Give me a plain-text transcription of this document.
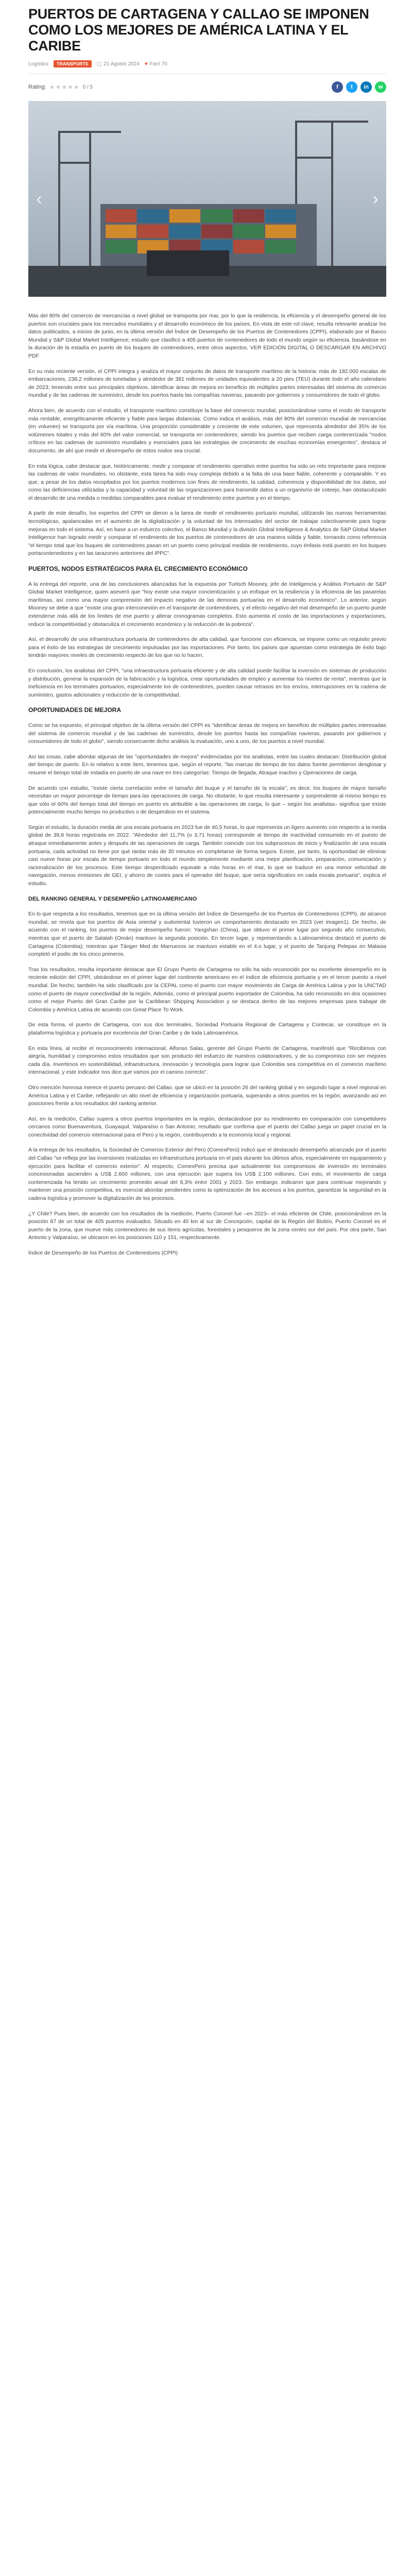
PUERTOS DE CARTAGENA Y CALLAO SE IMPONEN COMO LOS MEJORES DE AMÉRICA LATINA Y EL CARIBE
Logistics	TRANSPORTE	▢ 21 Agosto 2024 ♥ Fan! 70
Rating: ★★★★★ 0 / 5	f	t	in	w
‹	›

Más del 80% del comercio de mercancías a nivel global se transporta por mar, por lo que la resiliencia, la eficiencia y el desempeño general de los puertos son cruciales para los mercados mundiales y el desarrollo económico de los países. En vista de este rol clave, resulta relevante analizar los datos publicados, a inicios de junio, en la última versión del Índice de Desempeño de los Puertos de Contenedores (CPPI), elaborado por el Banco Mundial y S&P Global Market Intelligence; estudio que clasificó a 405 puertos de contenedores de todo el mundo según su eficiencia, basándose en la duración de la estadía en puerto de los buques de contenedores, entre otros aspectos. VER EDICIÓN DIGITAL O DESCARGAR EN ARCHIVO PDF

En su más reciente versión, el CPPI integra y analiza el mayor conjunto de datos de transporte marítimo de la historia: más de 182.000 escalas de embarcaciones, 238,2 millones de toneladas y alrededor de 381 millones de unidades equivalentes a 20 pies (TEU) durante todo el año calendario de 2023; teniendo entre sus principales objetivos, identificar áreas de mejora en beneficio de múltiples partes interesadas del sistema de comercio mundial y de las cadenas de suministro, desde los puertos hasta las compañías navieras, pasando por gobiernos y consumidores de todo el globo.

Ahora bien, de acuerdo con el estudio, el transporte marítimo constituye la base del comercio mundial, posicionándose como el modo de transporte más rentable, energéticamente eficiente y fiable para largas distancias. Como indica el análisis, más del 80% del comercio mundial de mercancías (en volumen) se transporta por vía marítima. Una proporción considerable y creciente de este volumen, que representa alrededor del 35% de los volúmenes totales y más del 60% del valor comercial, se transporta en contenedores; siendo los puertos que reciben carga contenerizada "nodos críticos en las cadenas de suministro mundiales y esenciales para las estrategias de crecimiento de muchas economías emergentes", destaca el documento, de ahí que medir el desempeño de estos nodos sea crucial.

En esta lógica, cabe destacar que, históricamente, medir y comparar el rendimiento operativo entre puertos ha sido un reto importante para mejorar las cadenas de valor mundiales, no obstante, esta tarea ha sido muy compleja debido a la falta de una base fiable, coherente y comparable. Y es que, a pesar de los datos recopilados por los puertos modernos con fines de rendimiento, la calidad, coherencia y disponibilidad de los datos, así como las deficiencias utilizadas y la capacidad y voluntad de las organizaciones para transmitir datos a un organismo de coteejo, han obstaculizado el desarrollo de una medida o medidas comparables para evaluar el rendimiento entre puertos y en el tiempo.

A partir de este desafío, los expertos del CPPI se dieron a la tarea de medir el rendimiento portuario mundial, utilizando las nuevas herramientas tecnológicas, apalancadas en el aumento de la digitalización y la voluntad de los interesados del sector de trabajar colectivamente para lograr mejoras en todo el sistema. Así, en base a un esfuerzo colectivo, el Banco Mundial y la división Global Intelligence & Analytics de S&P Global Market Intelligence han logrado medir y comparar el rendimiento de los puertos de contenedores de una manera sólida y fiable, tornando como referencia "el tiempo total que los buques de contenedores pasan en un puerto como principal medida de rendimiento, cuyo énfasis está puesto en los buques portacontenedores y en las tarazones anteriores del IPPC".

PUERTOS, NODOS ESTRATÉGICOS PARA EL CRECIMIENTO ECONÓMICO

A la entrega del reporte, una de las conclusiones alianzadas fue la expuesta por Turloch Mooney, jefe de Inteligencia y Análisis Portuario de S&P Global Market Intelligence, quien aseveró que "hoy existe una mayor concientización y un enfoque en la resiliencia y la eficiencia de las pasarelas marítimas, así como una mayor comprensión del impacto negativo de las demoras portuarias en el desarrollo económico". Lo anterior, según Mooney se debe a que "existe una gran interconexión en el transporte de contenedores, y el efecto negativo del mal desempeño de un puerto puede extenderse más allá de los límites de ese puerto y alterar cronogramas completos. Esto aumenta el costo de las importaciones y exportaciones, reduce la competitividad y obstaculiza el crecimiento económico y la reducción de la pobreza".

Así, el desarrollo de una infraestructura portuaria de contenedores de alta calidad, que funcione con eficiencia, se impone como un requisito previo para el éxito de las estrategias de crecimiento impulsadas por las exportaciones. Por tanto, los países que apuestan como estrategia de éxito bajo tendrán mayores niveles de crecimiento respecto de los que no lo hacen.

En conclusión, los analistas del CPPI, "una infraestructura portuaria eficiente y de alta calidad puede facilitar la inversión en sistemas de producción y distribución, generar la expansión de la fabricación y la logística, crear oportunidades de empleo y aumentar los niveles de renta", mientras que la ineficiencia en los terminales portuarios, especialmente los de contenedores, pueden causar retrasos en los envíos, interrupciones en la cadena de suministro, gastos adicionales y reducción de la competitividad.

OPORTUNIDADES DE MEJORA

Como se ha expuesto, el principal objetivo de la última versión del CPPI es "identificar áreas de mejora en beneficio de múltiples partes interesadas del sistema de comercio mundial y de las cadenas de suministro, desde los puertos hasta las compañías navieras, pasando por gobiernos y consumidores de todo el globo", siendo consecuente dicho análisis la evaluación, uno a uno, de los puertos a nivel mundial.

Así las cosas, cabe abordar algunas de las "oportunidades de mejora" evidenciadas por los analistas, entre las cuales destacan: Distribución global del tiempo de puerto. En lo relativo a este ítem, tenemos que, según el reporte, "las marcas de tiempo de los datos fuente permitieron desglosar y resumir el tiempo total de estadía en puerto de una nave en tres categorías: Tiempo de llegada, Atraque inactivo y Operaciones de carga.

De acuerdo con estudio, "existe cierta correlación entre el tamaño del buque y el tamaño de la escala"; es decir, los buques de mayor tamaño necesitan un mayor porcentaje de tiempo para las operaciones de carga. No obstante, lo que resulta interesante y sorprendente al mismo tiempo es que sólo el 60% del tiempo total del tiempo en puerto es atribuible a las operaciones de carga, lo que – según los analistas– significa que existe potencialmente mucho tiempo no productivo o de desperdicio en el sistema.

Según el estudio, la duración media de una escala portuaria en 2023 fue de 40,5 horas, lo que representa un ligero aumento con respecto a la media global de 39,8 horas registrada en 2022. "Alrededor del 11,7% (o 3,71 horas) corresponde al tiempo de inactividad consumido en el puesto de atraque inmediatamente antes y después de las operaciones de carga. También coincide con los subprocesos de inicio y finalización de una escala portuaria, cada actividad no tiene por qué tardar más de 30 minutos en completarse de forma segura. Existe, por tanto, la oportunidad de eliminar casi nueve horas por escala de tiempo portuario en todo el mundo simplemente mediante una mejor planificación, preparación, comunicación y racionalización de los procesos. Este tiempo desperdiciado equivale a más horas en el mar, lo que se traduce en una menor velocidad de navegación, menos emisiones de GEI, y ahorro de costes para el operador del buque, que sería significativo en cada escala portuaria", explica el estudio.

DEL RANKING GENERAL Y DESEMPEÑO LATINOAMERICANO

En lo que respecta a los resultados, tenemos que en la última versión del Índice de Desempeño de los Puertos de Contenedores (CPPI), de alcance mundial, se revela que los puertos de Asia oriental y sudoriental tuvieron un comportamiento destacado en 2023 (ver imagen1). De hecho, de acuerdo con el ranking, los puertos de mejor desempeño fueron: Yangshan (China), que obtuvo el primer lugar por segundo año consecutivo, mientras que el puerto de Salalah (Omán) mantuvo la segunda posición. En tercer lugar, y representando a Latinoamérica destacó el puerto de Cartagena (Colombia); mientras que Tánger Med de Marruecos se mantuvo estable en el 4.o lugar, y el puerto de Tanjung Pelepas en Malasia completó el podio de los cinco primeros.

Tras los resultados, resulta importante destacar que El Grupo Puerto de Cartagena no sólo ha sido reconocido por su excelente desempeño en la reciente edición del CPPI, ubicándose en el primer lugar del continente americano en el índice de eficiencia portuaria y en el tercer puesto a nivel mundial. De hecho, también ha sido clasificado por la CEPAL como el puerto con mayor movimiento de Carga de América Latina y por la UNCTAD como el puerto de mayor conectividad de la región. Además, como el principal puerto exportador de Colombia, ha sido reconocido en dos ocasiones como el mejor Puerto del Gran Caribe por la Caribbean Shipping Association y se destaca dentro de las mejores empresas para trabajar de Colombia y América Latina de acuerdo con Great Place To Work.

De esta forma, el puerto de Cartagena, con sus dos terminales, Sociedad Portuaria Regional de Cartagena y Contecar, se constituye en la plataforma logística y portuaria por excelencia del Gran Caribe y de toda Latinoamérica.

En esta línea, al recibir el reconocimiento internacional, Alfonso Salas, gerente del Grupo Puerto de Cartagena, manifestó que "Recibimos con alegría, humildad y compromiso estos resultados que son producto del esfuerzo de nuestros colaboradores, y de su compromiso con ser mejores cada día. Invertimos en sostenibilidad, infraestructura, innovación y tecnología para lograr que Colombia sea competitiva en el comercio marítimo internacional, y este indicador nos dice que vamos por el camino correcto".

Otro mención honrosa merece el puerto peruano del Callao, que se ubicó en la posición 26 del ranking global y en segundo lugar a nivel regional en América Latina y el Caribe; reflejando un alto nivel de eficiencia y organización portuaria, superando a otros puertos en la región, avanzando así en posiciones frente a los resultados del ranking anterior.

Así, en la medición, Callao supera a otros puertos importantes en la región, destacándose por su rendimiento en comparación con competidores cercanos como Buenaventura, Guayaquil, Valparaíso o San Antonio; resultado que confirma que el puerto del Callao juega un papel crucial en la conectividad del comercio internacional para el Perú y la región, contribuyendo a la economía local y regional.

A la entrega de los resultados, la Sociedad de Comercio Exterior del Perú (ComexPerú) indicó que el destacado desempeño alcanzado por el puerto del Callao "se refleja por las inversiones realizadas en infraestructura portuaria en el país durante los últimos años, especialmente en equipamiento y ejecución para facilitar el comercio exterior". Al respecto, ComexPerú precisa que actualmente los compromisos de inversión en terminales concesionadas ascienden a US$ 2.600 millones, con una ejecución que supera los US$ 2.100 millones. Con esto, el movimiento de carga contenerizada ha tenido un crecimiento promedio anual del 8,3% entre 2001 y 2023. Sin embargo, indicaron que para continuar mejorando y mantener una posición competitiva, es esencial abordar pendientes como la optimización de los accesos a los puertos, garantizar la seguridad en la cadena logística y promover la digitalización de los procesos.

¿Y Chile? Pues bien, de acuerdo con los resultados de la medición, Puerto Coronel fue –en 2023– el más eficiente de Chile, posicionándose en la posición 87 de un total de 405 puertos evaluados. Situado en 40 km al sur de Concepción, capital de la Región del Biobío, Puerto Coronel es el puerto de la zona, que mueve más contenedores de sus ítems agrícolas, forestales y pesqueros de la zona centro sur del país. Por otra parte, San Antonio y Valparaíso, se ubicaron en los posiciones 110 y 151, respectivamente.

Índice de Desempeño de los Puertos de Contenedores (CPPI)
